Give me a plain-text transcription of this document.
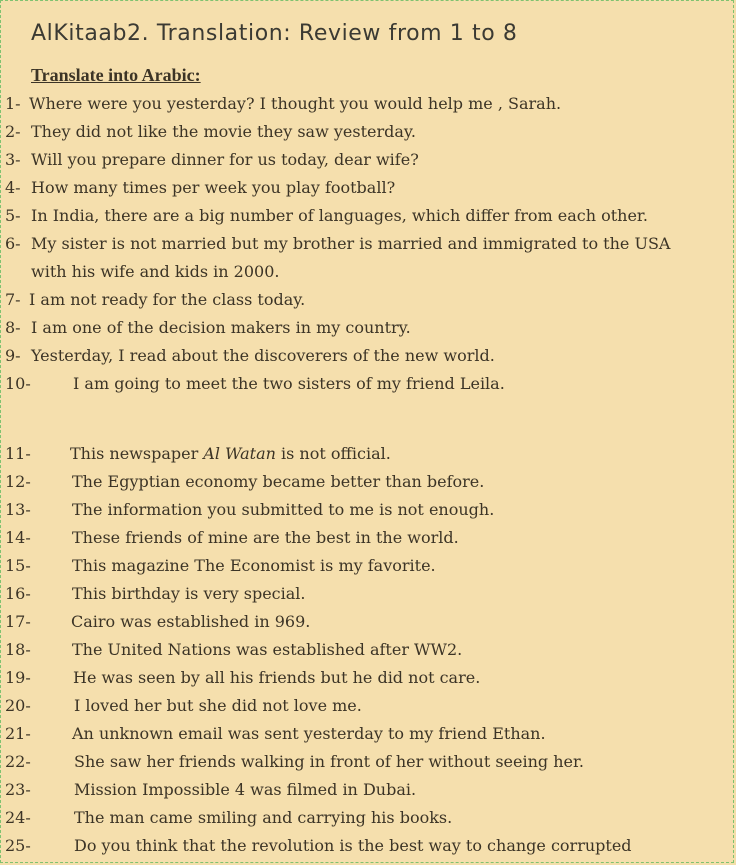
AlKitaab2. Translation: Review from 1 to 8
Translate into Arabic:
1- Where were you yesterday? I thought you would help me , Sarah.
2- They did not like the movie they saw yesterday.
3- Will you prepare dinner for us today, dear wife?
4- How many times per week you play football?
5- In India, there are a big number of languages, which differ from each other.
6- My sister is not married but my brother is married and immigrated to the USA
with his wife and kids in 2000.
7- I am not ready for the class today.
8- I am one of the decision makers in my country.
9- Yesterday, I read about the discoverers of the new world.
10-	I am going to meet the two sisters of my friend Leila.
11- This newspaper Al Watan is not official.
12-	The Egyptian economy became better than before.
13-	The information you submitted to me is not enough.
14-	These friends of mine are the best in the world.
15-	This magazine The Economist is my favorite.
16-	This birthday is very special.
17-	Cairo was established in 969.
18-	The United Nations was established after WW2.
19-	He was seen by all his friends but he did not care.
20-	I loved her but she did not love me.
21-	An unknown email was sent yesterday to my friend Ethan.
22-	She saw her friends walking in front of her without seeing her.
23-	Mission Impossible 4 was filmed in Dubai.
24-	The man came smiling and carrying his books.
25-	Do you think that the revolution is the best way to change corrupted
